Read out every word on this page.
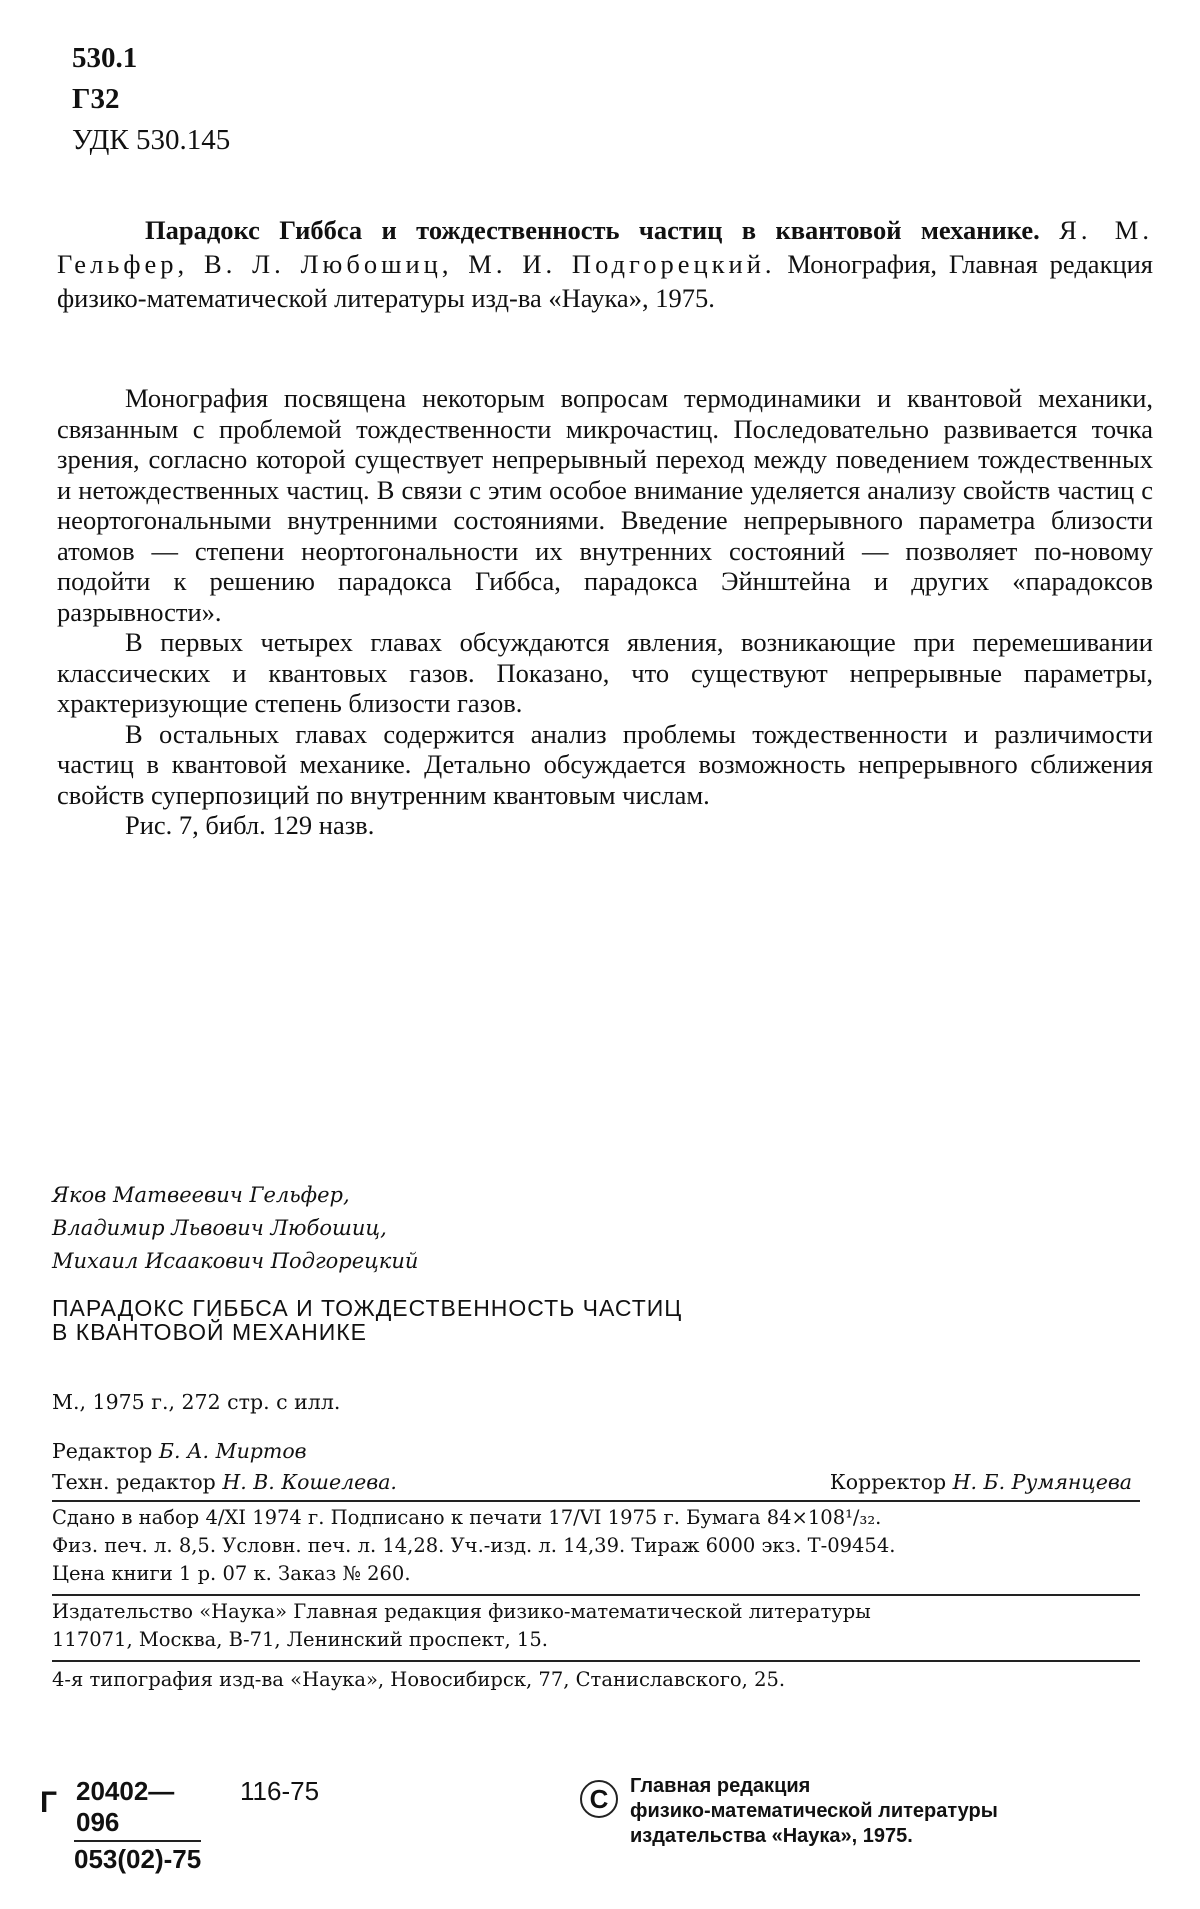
530.1
Г32
УДК 530.145
Парадокс Гиббса и тождественность частиц в квантовой механике. Я. М. Гельфер, В. Л. Любошиц, М. И. Подгорецкий. Монография, Главная редакция физико-математической литературы изд-ва «Наука», 1975.

Монография посвящена некоторым вопросам термодинамики и квантовой механики, связанным с проблемой тождественности микрочастиц. Последовательно развивается точка зрения, согласно которой существует непрерывный переход между поведением тождественных и нетождественных частиц. В связи с этим особое внимание уделяется анализу свойств частиц с неортогональными внутренними состояниями. Введение непрерывного параметра близости атомов — степени неортогональности их внутренних состояний — позволяет по-новому подойти к решению парадокса Гиббса, парадокса Эйнштейна и других «парадоксов разрывности».

В первых четырех главах обсуждаются явления, возникающие при перемешивании классических и квантовых газов. Показано, что существуют непрерывные параметры, хрaктеризующие степень близости газов.

В остальных главах содержится анализ проблемы тождественности и различимости частиц в квантовой механике. Детально обсуждается возможность непрерывного сближения свойств суперпозиций по внутренним квантовым числам.

Рис. 7, библ. 129 назв.

Яков Матвеевич Гельфер,
Владимир Львович Любошиц,
Михаил Исаакович Подгорецкий
ПАРАДОКС ГИББСА И ТОЖДЕСТВЕННОСТЬ ЧАСТИЦ
В КВАНТОВОЙ МЕХАНИКЕ
М., 1975 г., 272 стр. с илл.
Редактор Б. А. Миртов
Техн. редактор Н. В. Кошелева.	Корректор Н. Б. Румянцева
Сдано в набор 4/XI 1974 г. Подписано к печати 17/VI 1975 г. Бумага 84×108¹/₃₂.
Физ. печ. л. 8,5. Условн. печ. л. 14,28. Уч.-изд. л. 14,39. Тираж 6000 экз. Т-09454.
Цена книги 1 р. 07 к. Заказ № 260.
Издательство «Наука» Главная редакция физико-математической литературы
117071, Москва, В-71, Ленинский проспект, 15.
4-я типография изд-ва «Наука», Новосибирск, 77, Станиславского, 25.
Г $\frac{20402—096}{053(02)-75} 116-75$	C	Главная редакция
физико-математической литературы
издательства «Наука», 1975.
